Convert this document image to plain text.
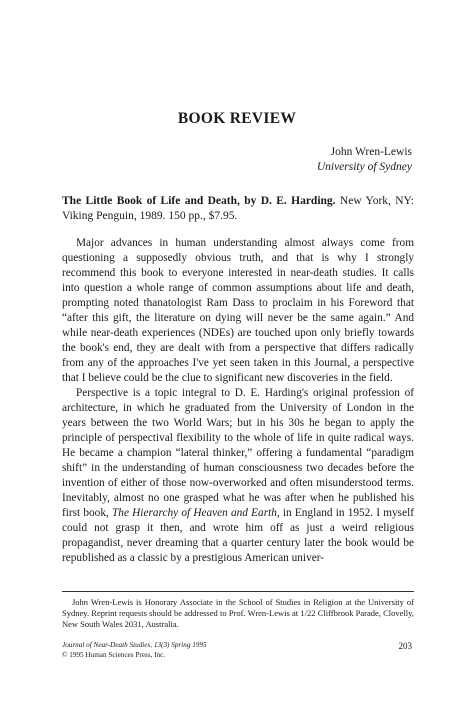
BOOK REVIEW
John Wren-Lewis
University of Sydney

The Little Book of Life and Death, by D. E. Harding. New York, NY: Viking Penguin, 1989. 150 pp., $7.95.

Major advances in human understanding almost always come from questioning a supposedly obvious truth, and that is why I strongly recommend this book to everyone interested in near-death studies. It calls into question a whole range of common assumptions about life and death, prompting noted thanatologist Ram Dass to proclaim in his Foreword that “after this gift, the literature on dying will never be the same again.” And while near-death experiences (NDEs) are touched upon only briefly towards the book's end, they are dealt with from a perspective that differs radically from any of the approaches I've yet seen taken in this Journal, a perspective that I believe could be the clue to significant new discoveries in the field.

Perspective is a topic integral to D. E. Harding's original profession of architecture, in which he graduated from the University of London in the years between the two World Wars; but in his 30s he began to apply the principle of perspectival flexibility to the whole of life in quite radical ways. He became a champion “lateral thinker,” offering a fundamental “paradigm shift” in the understanding of human consciousness two decades before the invention of either of those now-overworked and often misunderstood terms. Inevitably, almost no one grasped what he was after when he published his first book, The Hierarchy of Heaven and Earth, in England in 1952. I myself could not grasp it then, and wrote him off as just a weird religious propagandist, never dreaming that a quarter century later the book would be republished as a classic by a prestigious American univer-

John Wren-Lewis is Honorary Associate in the School of Studies in Religion at the University of Sydney. Reprint requests should be addressed to Prof. Wren-Lewis at 1/22 Cliffbrook Parade, Clovelly, New South Wales 2031, Australia.

Journal of Near-Death Studies, 13(3) Spring 1995
© 1995 Human Sciences Press, Inc.
203
